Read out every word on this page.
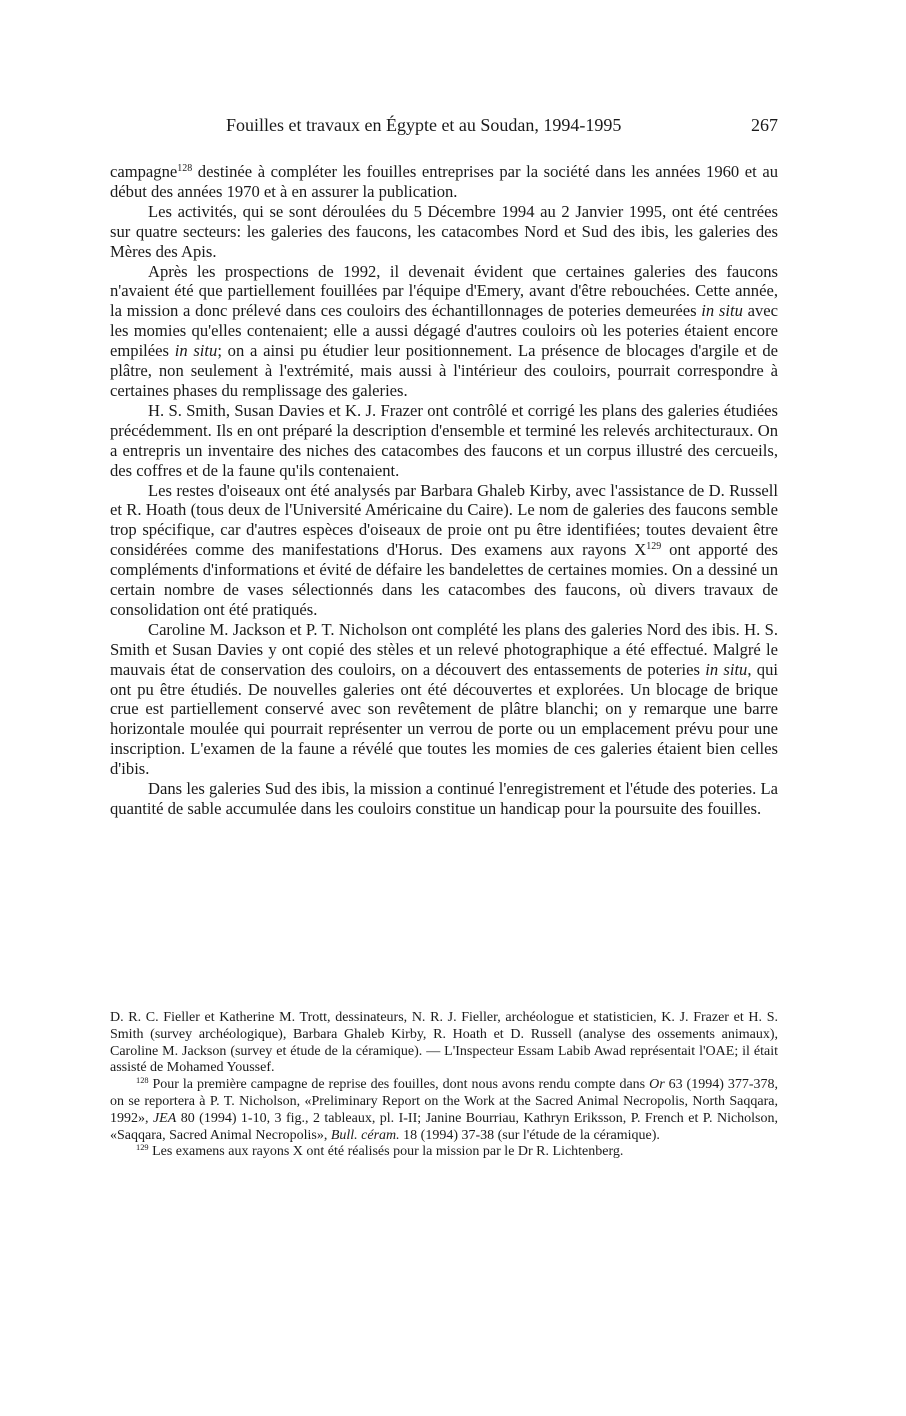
Fouilles et travaux en Égypte et au Soudan, 1994-1995	267

campagne$^{128}$ destinée à compléter les fouilles entreprises par la société dans les années 1960 et au début des années 1970 et à en assurer la publication.

Les activités, qui se sont déroulées du 5 Décembre 1994 au 2 Janvier 1995, ont été centrées sur quatre secteurs: les galeries des faucons, les catacombes Nord et Sud des ibis, les galeries des Mères des Apis.

Après les prospections de 1992, il devenait évident que certaines galeries des faucons n'avaient été que partiellement fouillées par l'équipe d'Emery, avant d'être rebouchées. Cette année, la mission a donc prélevé dans ces couloirs des échantillonnages de poteries demeurées in situ avec les momies qu'elles contenaient; elle a aussi dégagé d'autres couloirs où les poteries étaient encore empilées in situ; on a ainsi pu étudier leur positionnement. La présence de blocages d'argile et de plâtre, non seulement à l'extrémité, mais aussi à l'intérieur des couloirs, pourrait correspondre à certaines phases du remplissage des galeries.

H. S. Smith, Susan Davies et K. J. Frazer ont contrôlé et corrigé les plans des galeries étudiées précédemment. Ils en ont préparé la description d'ensemble et terminé les relevés architecturaux. On a entrepris un inventaire des niches des catacombes des faucons et un corpus illustré des cercueils, des coffres et de la faune qu'ils contenaient.

Les restes d'oiseaux ont été analysés par Barbara Ghaleb Kirby, avec l'assistance de D. Russell et R. Hoath (tous deux de l'Université Américaine du Caire). Le nom de galeries des faucons semble trop spécifique, car d'autres espèces d'oiseaux de proie ont pu être identifiées; toutes devaient être considérées comme des manifestations d'Horus. Des examens aux rayons $X^{129}$ ont apporté des compléments d'informations et évité de défaire les bandelettes de certaines momies. On a dessiné un certain nombre de vases sélectionnés dans les catacombes des faucons, où divers travaux de consolidation ont été pratiqués.

Caroline M. Jackson et P. T. Nicholson ont complété les plans des galeries Nord des ibis. H. S. Smith et Susan Davies y ont copié des stèles et un relevé photographique a été effectué. Malgré le mauvais état de conservation des couloirs, on a découvert des entassements de poteries in situ, qui ont pu être étudiés. De nouvelles galeries ont été découvertes et explorées. Un blocage de brique crue est partiellement conservé avec son revêtement de plâtre blanchi; on y remarque une barre horizontale moulée qui pourrait représenter un verrou de porte ou un emplacement prévu pour une inscription. L'examen de la faune a révélé que toutes les momies de ces galeries étaient bien celles d'ibis.

Dans les galeries Sud des ibis, la mission a continué l'enregistrement et l'étude des poteries. La quantité de sable accumulée dans les couloirs constitue un handicap pour la poursuite des fouilles.

D. R. C. Fieller et Katherine M. Trott, dessinateurs, N. R. J. Fieller, archéologue et statisticien, K. J. Frazer et H. S. Smith (survey archéologique), Barbara Ghaleb Kirby, R. Hoath et D. Russell (analyse des ossements animaux), Caroline M. Jackson (survey et étude de la céramique). — L'Inspecteur Essam Labib Awad représentait l'OAE; il était assisté de Mohamed Youssef.

$^{128}$ Pour la première campagne de reprise des fouilles, dont nous avons rendu compte dans Or 63 (1994) 377-378, on se reportera à P. T. Nicholson, «Preliminary Report on the Work at the Sacred Animal Necropolis, North Saqqara, 1992», JEA 80 (1994) 1-10, 3 fig., 2 tableaux, pl. I-II; Janine Bourriau, Kathryn Eriksson, P. French et P. Nicholson, «Saqqara, Sacred Animal Necropolis», Bull. céram. 18 (1994) 37-38 (sur l'étude de la céramique).

$^{129}$ Les examens aux rayons X ont été réalisés pour la mission par le Dr R. Lichtenberg.
